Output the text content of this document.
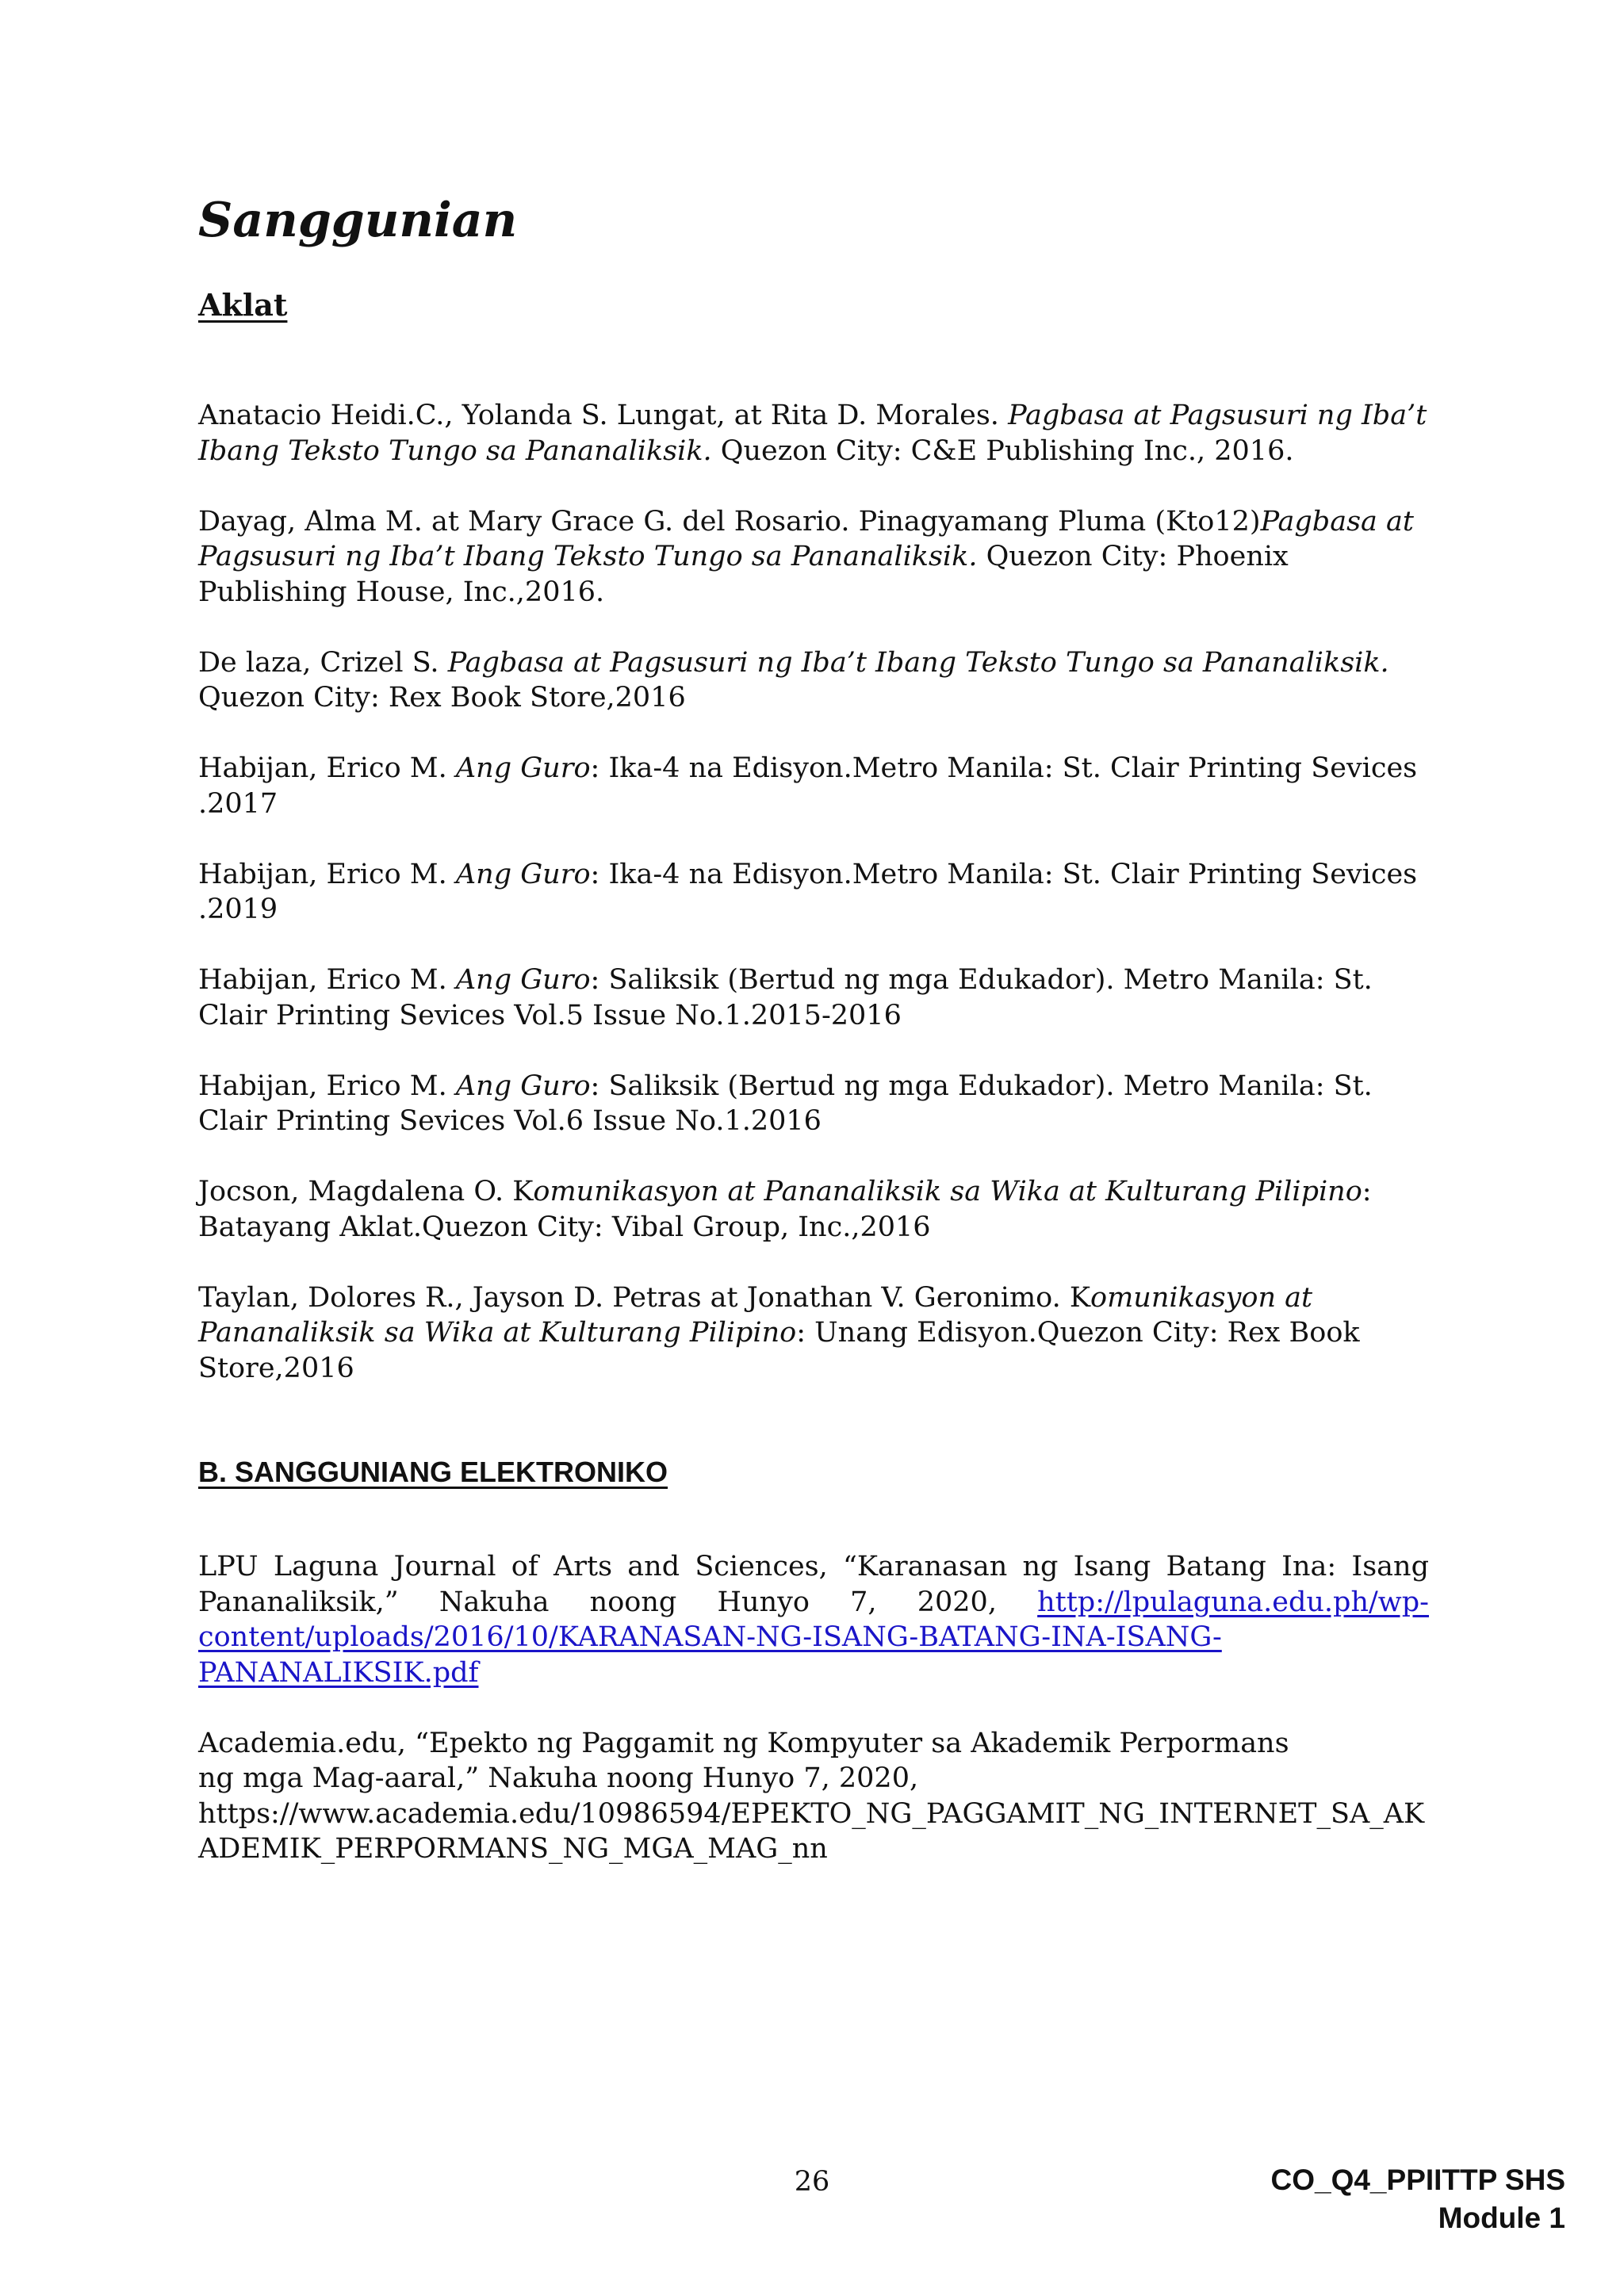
Sanggunian
Aklat
Anatacio Heidi.C., Yolanda S. Lungat, at Rita D. Morales. Pagbasa at Pagsusuri ng Iba’t Ibang Teksto Tungo sa Pananaliksik. Quezon City: C&E Publishing Inc., 2016.
Dayag, Alma M. at Mary Grace G. del Rosario. Pinagyamang Pluma (Kto12)Pagbasa at Pagsusuri ng Iba’t Ibang Teksto Tungo sa Pananaliksik. Quezon City: Phoenix Publishing House, Inc.,2016.
De laza, Crizel S. Pagbasa at Pagsusuri ng Iba’t Ibang Teksto Tungo sa Pananaliksik. Quezon City: Rex Book Store,2016
Habijan, Erico M. Ang Guro: Ika-4 na Edisyon.Metro Manila: St. Clair Printing Sevices .2017
Habijan, Erico M. Ang Guro: Ika-4 na Edisyon.Metro Manila: St. Clair Printing Sevices .2019
Habijan, Erico M. Ang Guro: Saliksik (Bertud ng mga Edukador). Metro Manila: St. Clair Printing Sevices Vol.5 Issue No.1.2015-2016
Habijan, Erico M. Ang Guro: Saliksik (Bertud ng mga Edukador). Metro Manila: St. Clair Printing Sevices Vol.6 Issue No.1.2016
Jocson, Magdalena O. Komunikasyon at Pananaliksik sa Wika at Kulturang Pilipino: Batayang Aklat.Quezon City: Vibal Group, Inc.,2016
Taylan, Dolores R., Jayson D. Petras at Jonathan V. Geronimo. Komunikasyon at Pananaliksik sa Wika at Kulturang Pilipino: Unang Edisyon.Quezon City: Rex Book Store,2016
B. SANGGUNIANG ELEKTRONIKO
LPU Laguna Journal of Arts and Sciences, “Karanasan ng Isang Batang Ina: Isang Pananaliksik,” Nakuha noong Hunyo 7, 2020, http://lpulaguna.edu.ph/wp-content/uploads/2016/10/KARANASAN-NG-ISANG-BATANG-INA-ISANG-PANANALIKSIK.pdf
Academia.edu, “Epekto ng Paggamit ng Kompyuter sa Akademik Perpormans
ng mga Mag-aaral,” Nakuha noong Hunyo 7, 2020,
https://www.academia.edu/10986594/EPEKTO_NG_PAGGAMIT_NG_INTERNET_SA_AKADEMIK_PERPORMANS_NG_MGA_MAG_nn
26	CO_Q4_PPIITTP SHS
Module 1
